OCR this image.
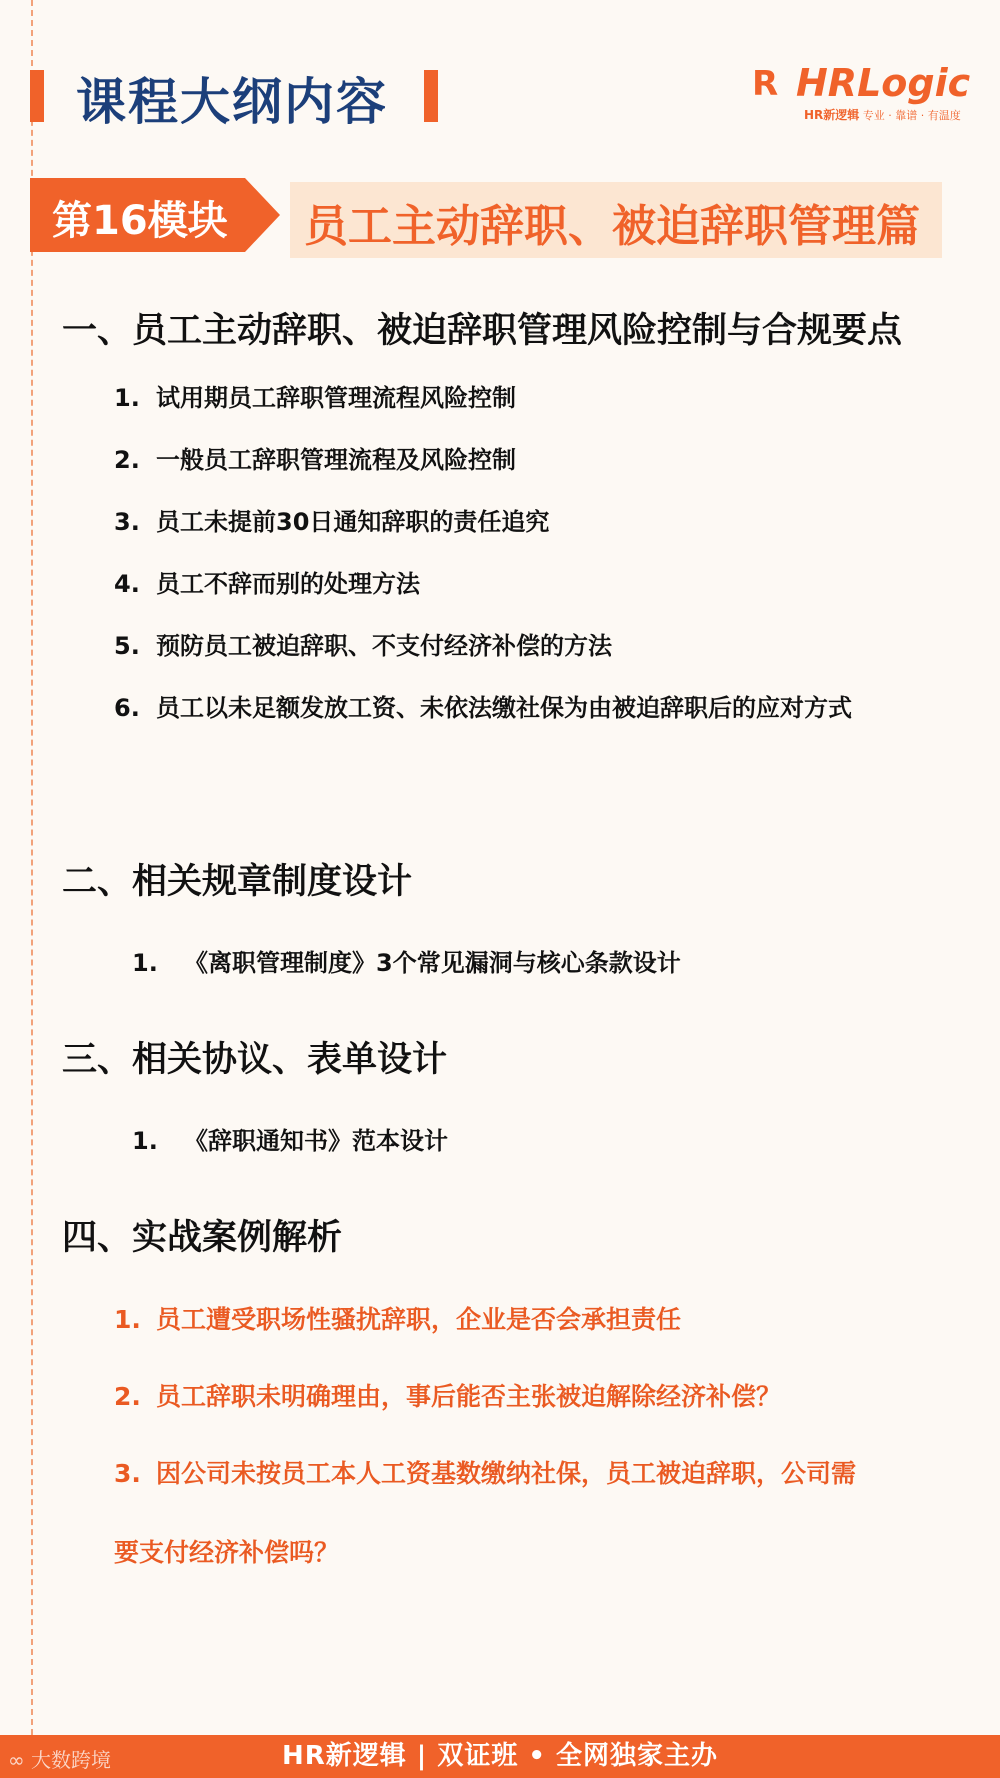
课程大纲内容	R HRLogic
HR新逻辑 专业 · 靠谱 · 有温度
第16模块 员工主动辞职、被迫辞职管理篇
一、员工主动辞职、被迫辞职管理风险控制与合规要点
1. 试用期员工辞职管理流程风险控制
2. 一般员工辞职管理流程及风险控制
3. 员工未提前30日通知辞职的责任追究
4. 员工不辞而别的处理方法
5. 预防员工被迫辞职、不支付经济补偿的方法
6. 员工以未足额发放工资、未依法缴社保为由被迫辞职后的应对方式
二、相关规章制度设计
1. 《离职管理制度》3个常见漏洞与核心条款设计
三、相关协议、表单设计
1. 《辞职通知书》范本设计
四、实战案例解析
1. 员工遭受职场性骚扰辞职，企业是否会承担责任
2. 员工辞职未明确理由，事后能否主张被迫解除经济补偿？
3. 因公司未按员工本人工资基数缴纳社保，员工被迫辞职，公司需
要支付经济补偿吗？
HR新逻辑 | 双证班 • 全网独家主办
∞ 大数跨境
